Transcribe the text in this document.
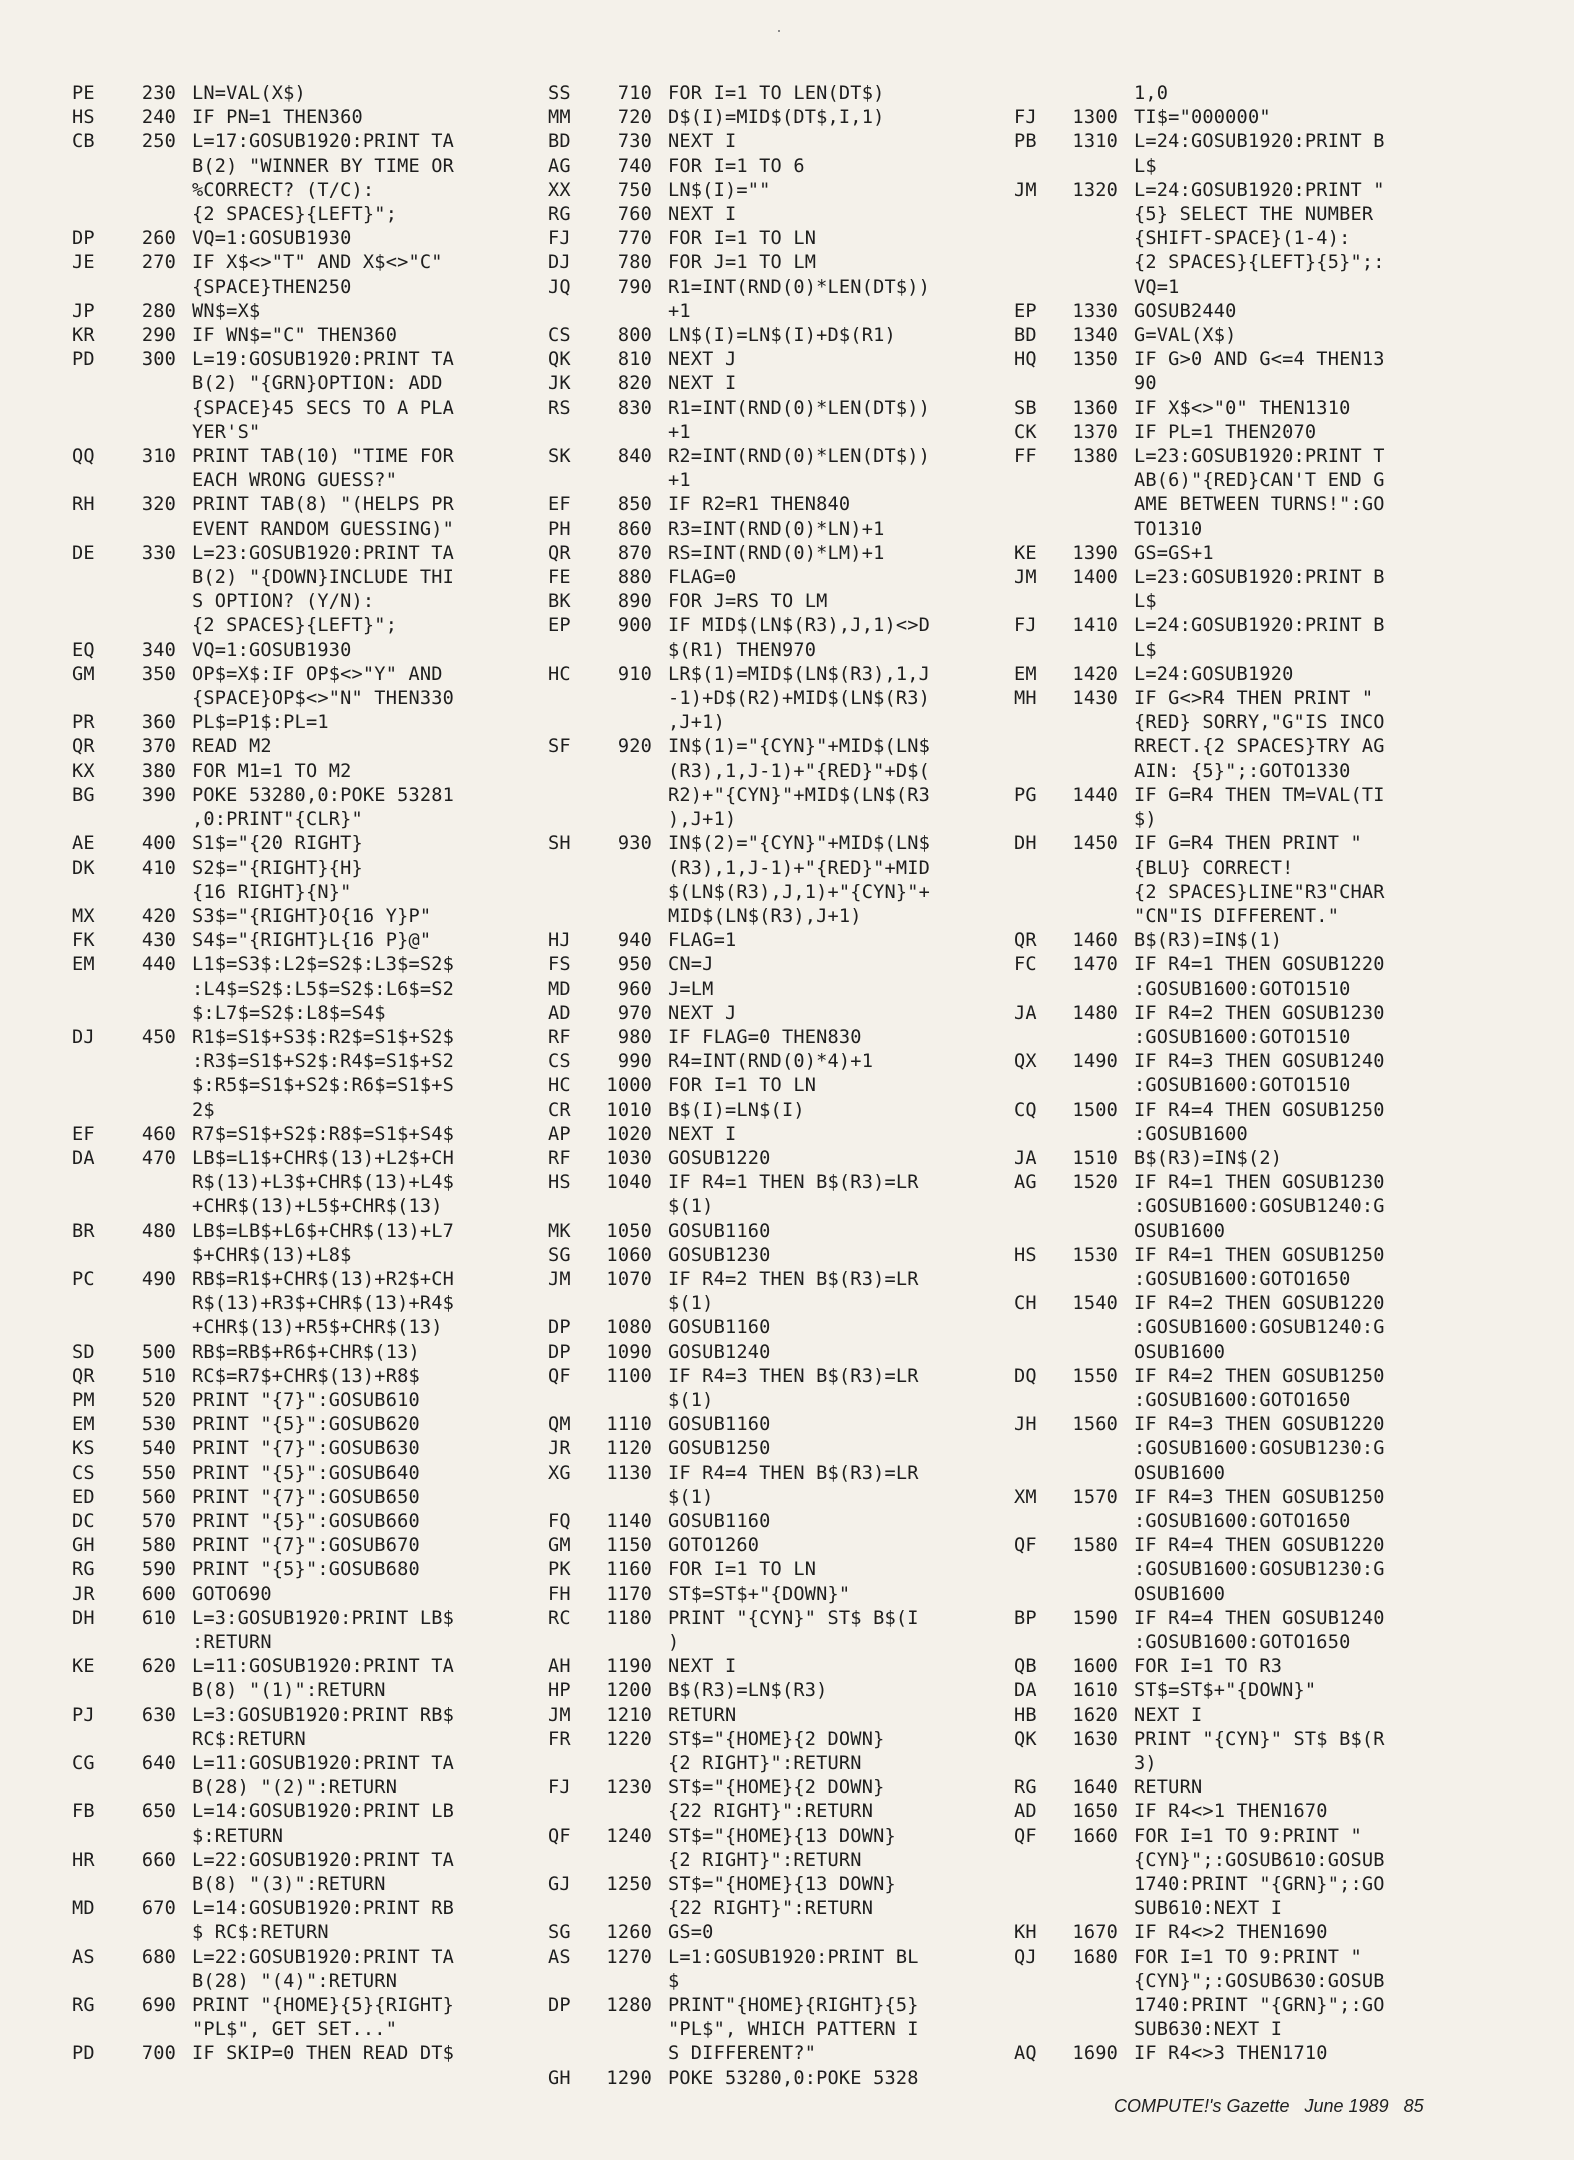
PE	230 LN=VAL(X$)
HS	240 IF PN=1 THEN360
CB	250 L=17:GOSUB1920:PRINT TA
B(2) "WINNER BY TIME OR
%CORRECT? (T/C):
{2 SPACES}{LEFT}";
DP	260 VQ=1:GOSUB1930
JE	270 IF X$<>"T" AND X$<>"C"
{SPACE}THEN250
JP	280 WN$=X$
KR	290 IF WN$="C" THEN360
PD	300 L=19:GOSUB1920:PRINT TA
B(2) "{GRN}OPTION: ADD
{SPACE}45 SECS TO A PLA
YER'S"
QQ	310 PRINT TAB(10) "TIME FOR
EACH WRONG GUESS?"
RH	320 PRINT TAB(8) "(HELPS PR
EVENT RANDOM GUESSING)"
DE	330 L=23:GOSUB1920:PRINT TA
B(2) "{DOWN}INCLUDE THI
S OPTION? (Y/N):
{2 SPACES}{LEFT}";
EQ	340 VQ=1:GOSUB1930
GM	350 OP$=X$:IF OP$<>"Y" AND
{SPACE}OP$<>"N" THEN330
PR	360 PL$=P1$:PL=1
QR	370 READ M2
KX	380 FOR M1=1 TO M2
BG	390 POKE 53280,0:POKE 53281
,0:PRINT"{CLR}"
AE	400 S1$="{20 RIGHT}
DK	410 S2$="{RIGHT}{H}
{16 RIGHT}{N}"
MX	420 S3$="{RIGHT}O{16 Y}P"
FK	430 S4$="{RIGHT}L{16 P}@"
EM	440 L1$=S3$:L2$=S2$:L3$=S2$
:L4$=S2$:L5$=S2$:L6$=S2
$:L7$=S2$:L8$=S4$
DJ	450 R1$=S1$+S3$:R2$=S1$+S2$
:R3$=S1$+S2$:R4$=S1$+S2
$:R5$=S1$+S2$:R6$=S1$+S
2$
EF	460 R7$=S1$+S2$:R8$=S1$+S4$
DA	470 LB$=L1$+CHR$(13)+L2$+CH
R$(13)+L3$+CHR$(13)+L4$
+CHR$(13)+L5$+CHR$(13)
BR	480 LB$=LB$+L6$+CHR$(13)+L7
$+CHR$(13)+L8$
PC	490 RB$=R1$+CHR$(13)+R2$+CH
R$(13)+R3$+CHR$(13)+R4$
+CHR$(13)+R5$+CHR$(13)
SD	500 RB$=RB$+R6$+CHR$(13)
QR	510 RC$=R7$+CHR$(13)+R8$
PM	520 PRINT "{7}":GOSUB610
EM	530 PRINT "{5}":GOSUB620
KS	540 PRINT "{7}":GOSUB630
CS	550 PRINT "{5}":GOSUB640
ED	560 PRINT "{7}":GOSUB650
DC	570 PRINT "{5}":GOSUB660
GH	580 PRINT "{7}":GOSUB670
RG	590 PRINT "{5}":GOSUB680
JR	600 GOTO690
DH	610 L=3:GOSUB1920:PRINT LB$
:RETURN
KE	620 L=11:GOSUB1920:PRINT TA
B(8) "(1)":RETURN
PJ	630 L=3:GOSUB1920:PRINT RB$
RC$:RETURN
CG	640 L=11:GOSUB1920:PRINT TA
B(28) "(2)":RETURN
FB	650 L=14:GOSUB1920:PRINT LB
$:RETURN
HR	660 L=22:GOSUB1920:PRINT TA
B(8) "(3)":RETURN
MD	670 L=14:GOSUB1920:PRINT RB
$ RC$:RETURN
AS	680 L=22:GOSUB1920:PRINT TA
B(28) "(4)":RETURN
RG	690 PRINT "{HOME}{5}{RIGHT}
"PL$", GET SET..."
PD	700 IF SKIP=0 THEN READ DT$
SS	710 FOR I=1 TO LEN(DT$)
MM	720 D$(I)=MID$(DT$,I,1)
BD	730 NEXT I
AG	740 FOR I=1 TO 6
XX	750 LN$(I)=""
RG	760 NEXT I
FJ	770 FOR I=1 TO LN
DJ	780 FOR J=1 TO LM
JQ	790 R1=INT(RND(0)*LEN(DT$))
+1
CS	800 LN$(I)=LN$(I)+D$(R1)
QK	810 NEXT J
JK	820 NEXT I
RS	830 R1=INT(RND(0)*LEN(DT$))
+1
SK	840 R2=INT(RND(0)*LEN(DT$))
+1
EF	850 IF R2=R1 THEN840
PH	860 R3=INT(RND(0)*LN)+1
QR	870 RS=INT(RND(0)*LM)+1
FE	880 FLAG=0
BK	890 FOR J=RS TO LM
EP	900 IF MID$(LN$(R3),J,1)<>D
$(R1) THEN970
HC	910 LR$(1)=MID$(LN$(R3),1,J
-1)+D$(R2)+MID$(LN$(R3)
,J+1)
SF	920 IN$(1)="{CYN}"+MID$(LN$
(R3),1,J-1)+"{RED}"+D$(
R2)+"{CYN}"+MID$(LN$(R3
),J+1)
SH	930 IN$(2)="{CYN}"+MID$(LN$
(R3),1,J-1)+"{RED}"+MID
$(LN$(R3),J,1)+"{CYN}"+
MID$(LN$(R3),J+1)
HJ	940 FLAG=1
FS	950 CN=J
MD	960 J=LM
AD	970 NEXT J
RF	980 IF FLAG=0 THEN830
CS	990 R4=INT(RND(0)*4)+1
HC	1000 FOR I=1 TO LN
CR	1010 B$(I)=LN$(I)
AP	1020 NEXT I
RF	1030 GOSUB1220
HS	1040 IF R4=1 THEN B$(R3)=LR
$(1)
MK	1050 GOSUB1160
SG	1060 GOSUB1230
JM	1070 IF R4=2 THEN B$(R3)=LR
$(1)
DP	1080 GOSUB1160
DP	1090 GOSUB1240
QF	1100 IF R4=3 THEN B$(R3)=LR
$(1)
QM	1110 GOSUB1160
JR	1120 GOSUB1250
XG	1130 IF R4=4 THEN B$(R3)=LR
$(1)
FQ	1140 GOSUB1160
GM	1150 GOTO1260
PK	1160 FOR I=1 TO LN
FH	1170 ST$=ST$+"{DOWN}"
RC	1180 PRINT "{CYN}" ST$ B$(I
)
AH	1190 NEXT I
HP	1200 B$(R3)=LN$(R3)
JM	1210 RETURN
FR	1220 ST$="{HOME}{2 DOWN}
{2 RIGHT}":RETURN
FJ	1230 ST$="{HOME}{2 DOWN}
{22 RIGHT}":RETURN
QF	1240 ST$="{HOME}{13 DOWN}
{2 RIGHT}":RETURN
GJ	1250 ST$="{HOME}{13 DOWN}
{22 RIGHT}":RETURN
SG	1260 GS=0
AS	1270 L=1:GOSUB1920:PRINT BL
$
DP	1280 PRINT"{HOME}{RIGHT}{5}
"PL$", WHICH PATTERN I
S DIFFERENT?"
GH	1290 POKE 53280,0:POKE 5328
1,0
FJ	1300 TI$="000000"
PB	1310 L=24:GOSUB1920:PRINT B
L$
JM	1320 L=24:GOSUB1920:PRINT "
{5} SELECT THE NUMBER
{SHIFT-SPACE}(1-4):
{2 SPACES}{LEFT}{5}";:
VQ=1
EP	1330 GOSUB2440
BD	1340 G=VAL(X$)
HQ	1350 IF G>0 AND G<=4 THEN13
90
SB	1360 IF X$<>"0" THEN1310
CK	1370 IF PL=1 THEN2070
FF	1380 L=23:GOSUB1920:PRINT T
AB(6)"{RED}CAN'T END G
AME BETWEEN TURNS!":GO
TO1310
KE	1390 GS=GS+1
JM	1400 L=23:GOSUB1920:PRINT B
L$
FJ	1410 L=24:GOSUB1920:PRINT B
L$
EM	1420 L=24:GOSUB1920
MH	1430 IF G<>R4 THEN PRINT "
{RED} SORRY,"G"IS INCO
RRECT.{2 SPACES}TRY AG
AIN: {5}";:GOTO1330
PG	1440 IF G=R4 THEN TM=VAL(TI
$)
DH	1450 IF G=R4 THEN PRINT "
{BLU} CORRECT!
{2 SPACES}LINE"R3"CHAR
"CN"IS DIFFERENT."
QR	1460 B$(R3)=IN$(1)
FC	1470 IF R4=1 THEN GOSUB1220
:GOSUB1600:GOTO1510
JA	1480 IF R4=2 THEN GOSUB1230
:GOSUB1600:GOTO1510
QX	1490 IF R4=3 THEN GOSUB1240
:GOSUB1600:GOTO1510
CQ	1500 IF R4=4 THEN GOSUB1250
:GOSUB1600
JA	1510 B$(R3)=IN$(2)
AG	1520 IF R4=1 THEN GOSUB1230
:GOSUB1600:GOSUB1240:G
OSUB1600
HS	1530 IF R4=1 THEN GOSUB1250
:GOSUB1600:GOTO1650
CH	1540 IF R4=2 THEN GOSUB1220
:GOSUB1600:GOSUB1240:G
OSUB1600
DQ	1550 IF R4=2 THEN GOSUB1250
:GOSUB1600:GOTO1650
JH	1560 IF R4=3 THEN GOSUB1220
:GOSUB1600:GOSUB1230:G
OSUB1600
XM	1570 IF R4=3 THEN GOSUB1250
:GOSUB1600:GOTO1650
QF	1580 IF R4=4 THEN GOSUB1220
:GOSUB1600:GOSUB1230:G
OSUB1600
BP	1590 IF R4=4 THEN GOSUB1240
:GOSUB1600:GOTO1650
QB	1600 FOR I=1 TO R3
DA	1610 ST$=ST$+"{DOWN}"
HB	1620 NEXT I
QK	1630 PRINT "{CYN}" ST$ B$(R
3)
RG	1640 RETURN
AD	1650 IF R4<>1 THEN1670
QF	1660 FOR I=1 TO 9:PRINT "
{CYN}";:GOSUB610:GOSUB
1740:PRINT "{GRN}";:GO
SUB610:NEXT I
KH	1670 IF R4<>2 THEN1690
QJ	1680 FOR I=1 TO 9:PRINT "
{CYN}";:GOSUB630:GOSUB
1740:PRINT "{GRN}";:GO
SUB630:NEXT I
AQ	1690 IF R4<>3 THEN1710
COMPUTE!'s Gazette June 1989 85
